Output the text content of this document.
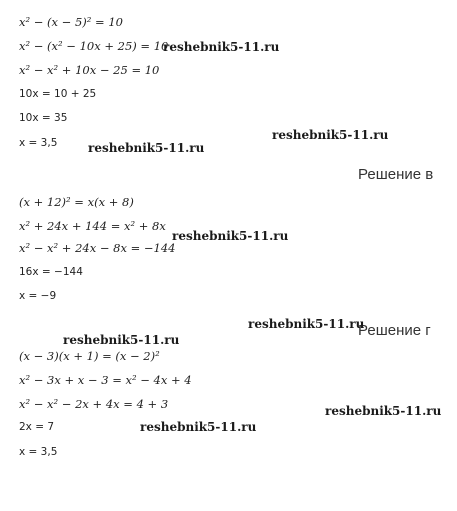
x² − (x − 5)² = 10
x² − (x² − 10x + 25) = 10
x² − x² + 10x − 25 = 10
10x = 10 + 25
10x = 35
x = 3,5
Решение в
(x + 12)² = x(x + 8)
x² + 24x + 144 = x² + 8x
x² − x² + 24x − 8x = −144
16x = −144
x = −9
Решение г
(x − 3)(x + 1) = (x − 2)²
x² − 3x + x − 3 = x² − 4x + 4
x² − x² − 2x + 4x = 4 + 3
2x = 7
x = 3,5
reshebnik5-11.ru
reshebnik5-11.ru
reshebnik5-11.ru
reshebnik5-11.ru
reshebnik5-11.ru
reshebnik5-11.ru
reshebnik5-11.ru
reshebnik5-11.ru
